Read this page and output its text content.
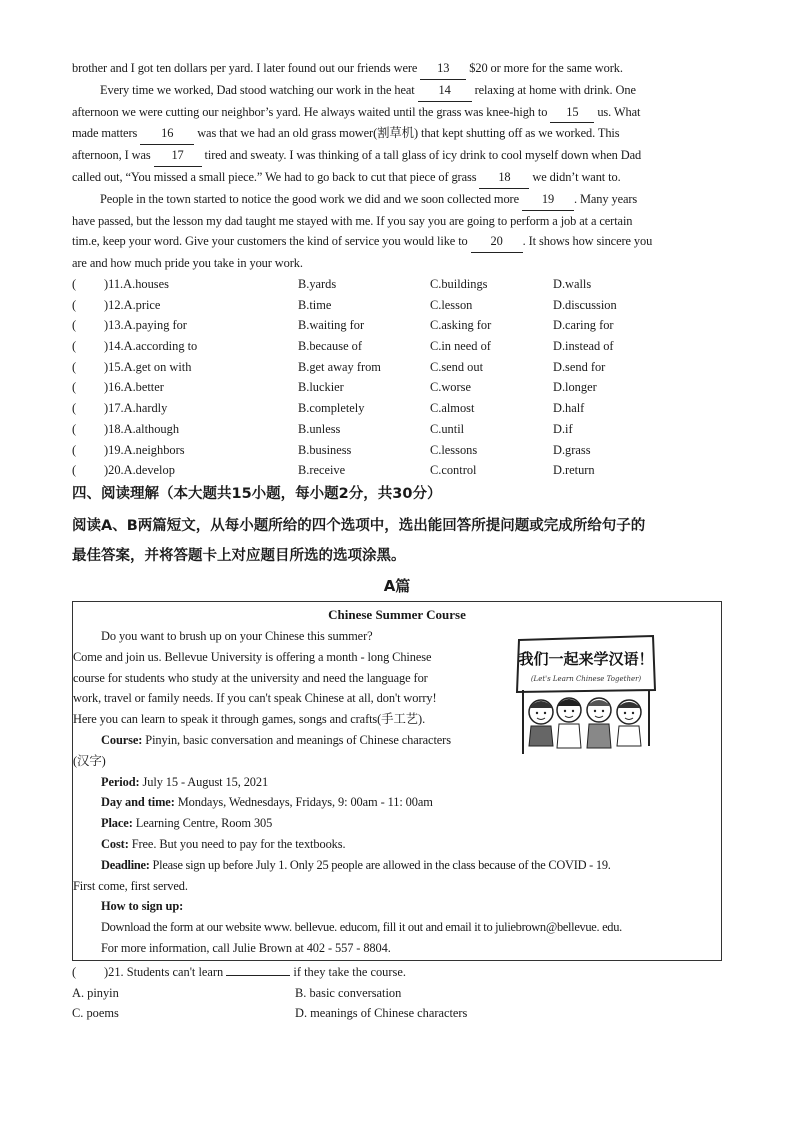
brother and I got ten dollars per yard. I later found out our friends were 13 $20 or more for the same work.
Every time we worked, Dad stood watching our work in the heat 14 relaxing at home with drink. One
afternoon we were cutting our neighbor’s yard. He always waited until the grass was knee-high to 15 us. What
made matters 16 was that we had an old grass mower(割草机) that kept shutting off as we worked. This
afternoon, I was 17 tired and sweaty. I was thinking of a tall glass of icy drink to cool myself down when Dad
called out, “You missed a small piece.” We had to go back to cut that piece of grass 18 we didn’t want to.
People in the town started to notice the good work we did and we soon collected more 19 . Many years
have passed, but the lesson my dad taught me stayed with me. If you say you are going to perform a job at a certain
tim.e, keep your word. Give your customers the kind of service you would like to 20 . It shows how sincere you
are and how much pride you take in your work.
(	)11.A.houses	B.yards	C.buildings	D.walls
(	)12.A.price	B.time	C.lesson	D.discussion
(	)13.A.paying for	B.waiting for	C.asking for	D.caring for
(	)14.A.according to	B.because of	C.in need of	D.instead of
(	)15.A.get on with	B.get away from	C.send out	D.send for
(	)16.A.better	B.luckier	C.worse	D.longer
(	)17.A.hardly	B.completely	C.almost	D.half
(	)18.A.although	B.unless	C.until	D.if
(	)19.A.neighbors	B.business	C.lessons	D.grass
(	)20.A.develop	B.receive	C.control	D.return
四、阅读理解（本大题共15小题，每小题2分，共30分）
阅读A、B两篇短文，从每小题所给的四个选项中，选出能回答所提问题或完成所给句子的
最佳答案，并将答题卡上对应题目所选的选项涂黑。
A篇
Chinese Summer Course
Do you want to brush up on your Chinese this summer?
Come and join us. Bellevue University is offering a month - long Chinese
course for students who study at the university and need the language for
work, travel or family needs. If you can't speak Chinese at all, don't worry!
Here you can learn to speak it through games, songs and crafts(手工艺).
Course: Pinyin, basic conversation and meanings of Chinese characters
(汉字)
Period: July 15 - August 15, 2021
Day and time: Mondays, Wednesdays, Fridays, 9: 00am - 11: 00am
Place: Learning Centre, Room 305
Cost: Free. But you need to pay for the textbooks.
Deadline: Please sign up before July 1. Only 25 people are allowed in the class because of the COVID - 19.
First come, first served.
How to sign up:
Download the form at our website www. bellevue. educom, fill it out and email it to juliebrown@bellevue. edu.
For more information, call Julie Brown at 402 - 557 - 8804.
我们一起来学汉语！
(Let's Learn Chinese Together)
( )21. Students can't learn	if they take the course.
A. pinyin	B. basic conversation
C. poems	D. meanings of Chinese characters
